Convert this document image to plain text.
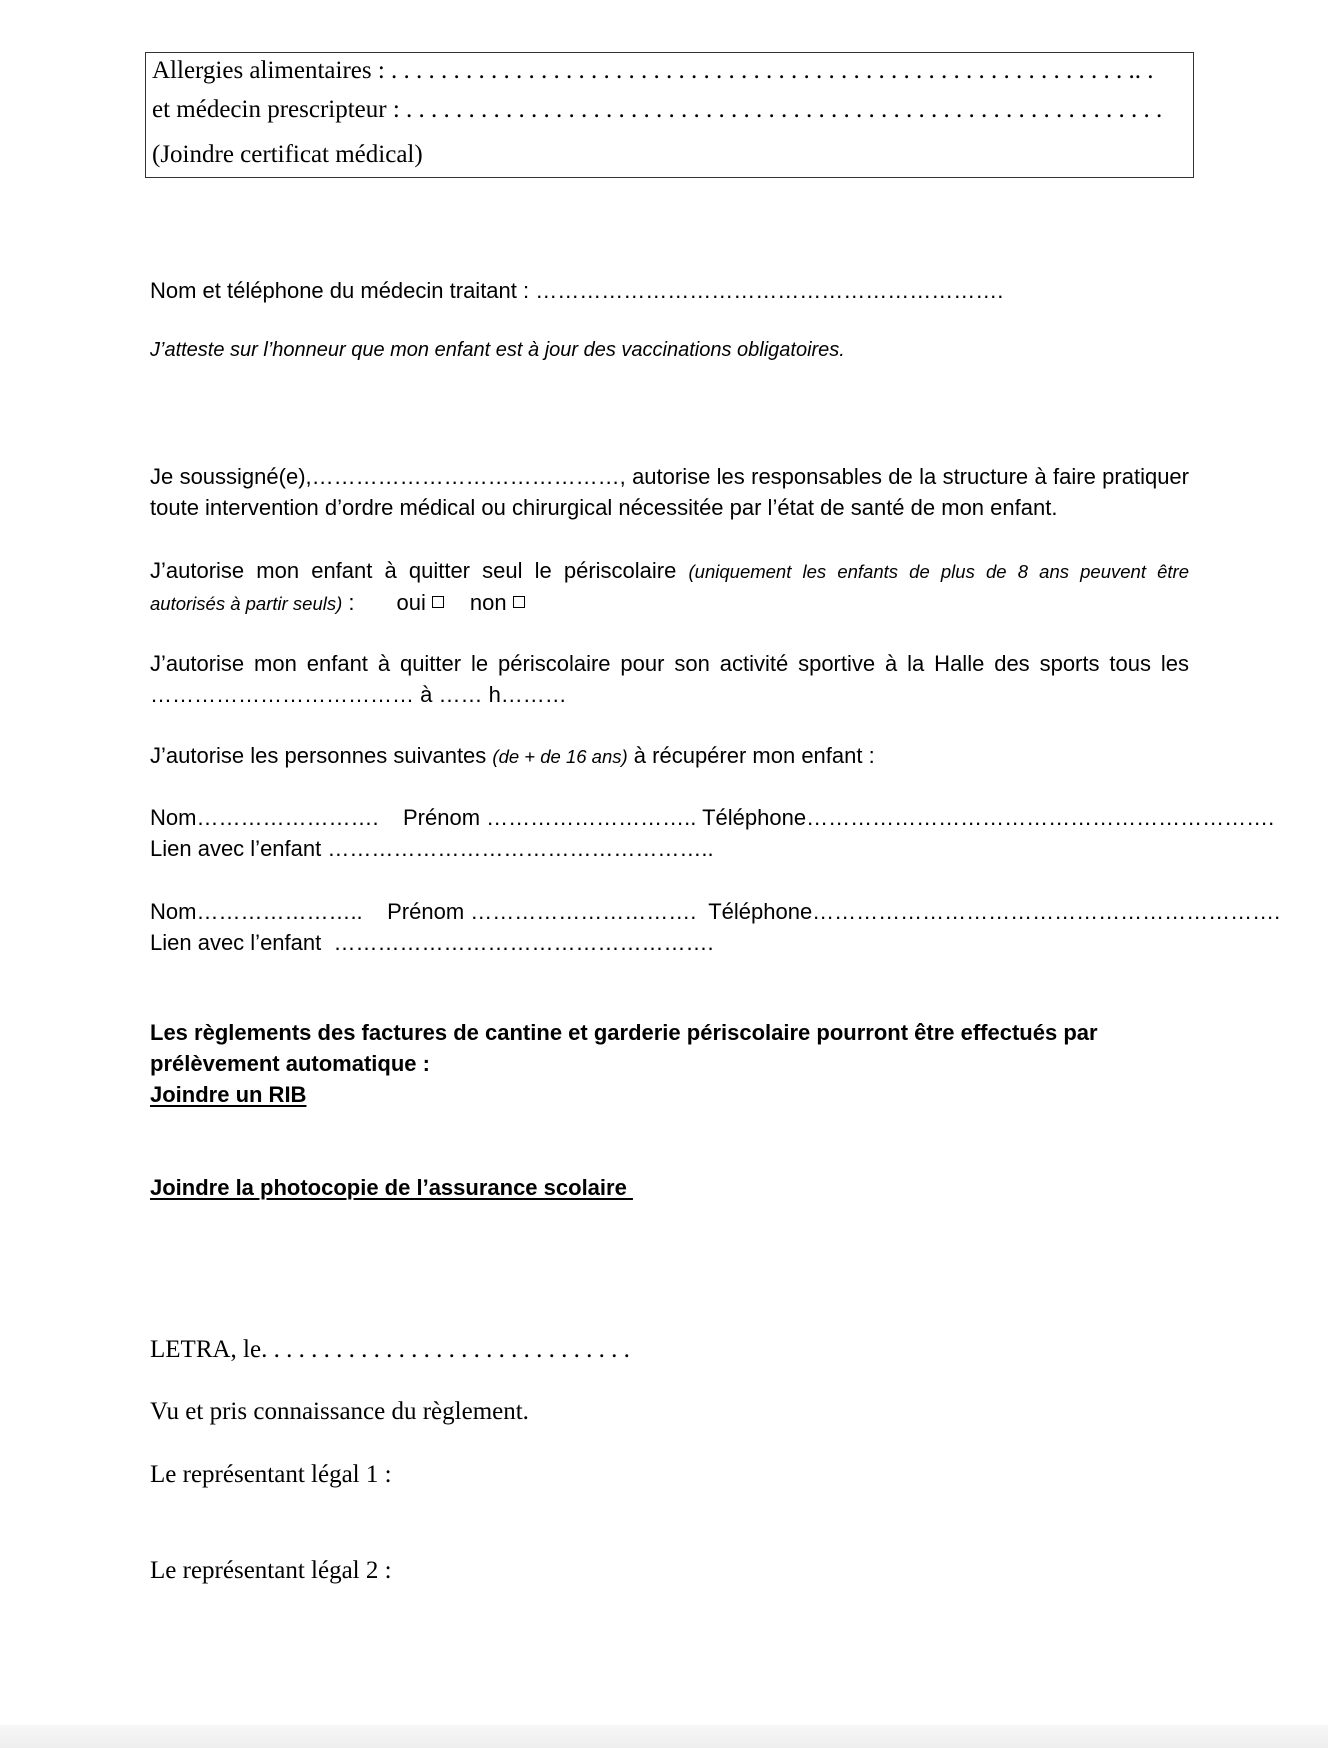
Allergies alimentaires : . . . . . . . . . . . . . . . . . . . . . . . . . . . . . . . . . . . . . . . . . . . . . . . . . . . . . . . . . . . .. .
et médecin prescripteur : . . . . . . . . . . . . . . . . . . . . . . . . . . . . . . . . . . . . . . . . . . . . . . . . . . . . . . . . . . . . .
(Joindre certificat médical)
Nom et téléphone du médecin traitant : ……………………………………………………….
J’atteste sur l’honneur que mon enfant est à jour des vaccinations obligatoires.
Je soussigné(e),……………………………………, autorise les responsables de la structure à faire pratiquer
toute intervention d’ordre médical ou chirurgical nécessitée par l’état de santé de mon enfant.
J’autorise mon enfant à quitter seul le périscolaire (uniquement les enfants de plus de 8 ans peuvent être
autorisés à partir seuls) : oui non
J’autorise mon enfant à quitter le périscolaire pour son activité sportive à la Halle des sports tous les
……………………………… à …… h………
J’autorise les personnes suivantes (de + de 16 ans) à récupérer mon enfant :
Nom…………………….    Prénom ……………………….. Téléphone……………………………………………………….
Lien avec l’enfant ……………………………………………..
Nom…………………..    Prénom ………………………….  Téléphone……………………………………………………….
Lien avec l’enfant  …………………………………………….
Les règlements des factures de cantine et garderie périscolaire pourront être effectués par
prélèvement automatique :
Joindre un RIB
Joindre la photocopie de l’assurance scolaire
LETRA, le. . . . . . . . . . . . . . . . . . . . . . . . . . . . . .
Vu et pris connaissance du règlement.
Le représentant légal 1 :
Le représentant légal 2 :
